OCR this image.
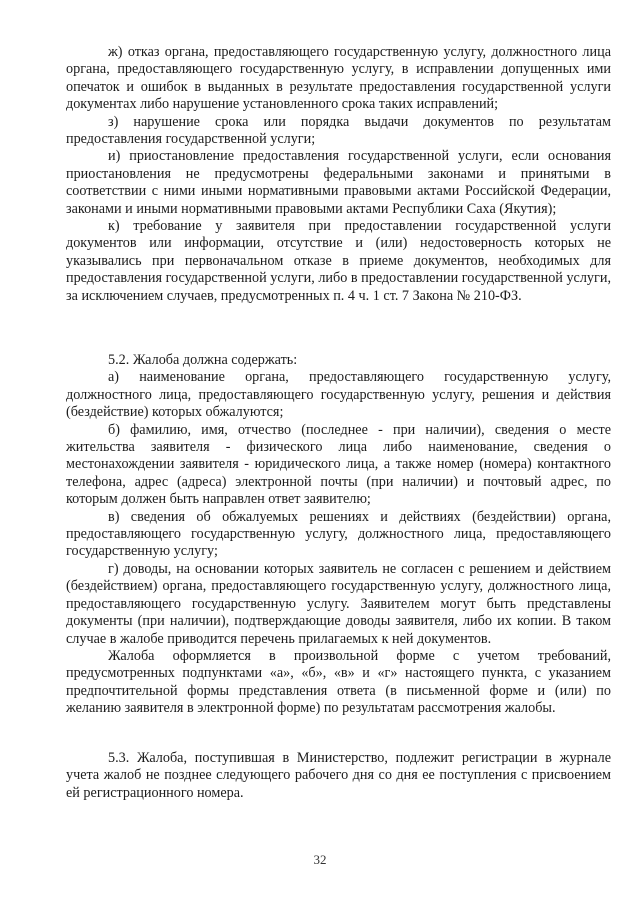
ж) отказ органа, предоставляющего государственную услугу, должностного лица органа, предоставляющего государственную услугу, в исправлении допущенных ими опечаток и ошибок в выданных в результате предоставления государственной услуги документах либо нарушение установленного срока таких исправлений;

з) нарушение срока или порядка выдачи документов по результатам предоставления государственной услуги;

и) приостановление предоставления государственной услуги, если основания приостановления не предусмотрены федеральными законами и принятыми в соответствии с ними иными нормативными правовыми актами Российской Федерации, законами и иными нормативными правовыми актами Республики Саха (Якутия);

к) требование у заявителя при предоставлении государственной услуги документов или информации, отсутствие и (или) недостоверность которых не указывались при первоначальном отказе в приеме документов, необходимых для предоставления государственной услуги, либо в предоставлении государственной услуги, за исключением случаев, предусмотренных п. 4 ч. 1 ст. 7 Закона № 210-ФЗ.

5.2. Жалоба должна содержать:

а) наименование органа, предоставляющего государственную услугу, должностного лица, предоставляющего государственную услугу, решения и действия (бездействие) которых обжалуются;

б) фамилию, имя, отчество (последнее - при наличии), сведения о месте жительства заявителя - физического лица либо наименование, сведения о местонахождении заявителя - юридического лица, а также номер (номера) контактного телефона, адрес (адреса) электронной почты (при наличии) и почтовый адрес, по которым должен быть направлен ответ заявителю;

в) сведения об обжалуемых решениях и действиях (бездействии) органа, предоставляющего государственную услугу, должностного лица, предоставляющего государственную услугу;

г) доводы, на основании которых заявитель не согласен с решением и действием (бездействием) органа, предоставляющего государственную услугу, должностного лица, предоставляющего государственную услугу. Заявителем могут быть представлены документы (при наличии), подтверждающие доводы заявителя, либо их копии. В таком случае в жалобе приводится перечень прилагаемых к ней документов.

Жалоба оформляется в произвольной форме с учетом требований, предусмотренных подпунктами «а», «б», «в» и «г» настоящего пункта, с указанием предпочтительной формы представления ответа (в письменной форме и (или) по желанию заявителя в электронной форме) по результатам рассмотрения жалобы.

5.3. Жалоба, поступившая в Министерство, подлежит регистрации в журнале учета жалоб не позднее следующего рабочего дня со дня ее поступления с присвоением ей регистрационного номера.

32
